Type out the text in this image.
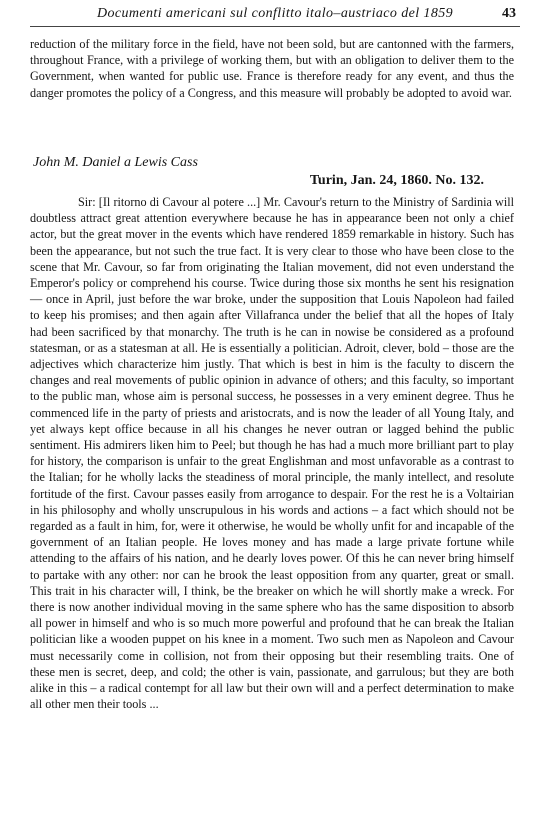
Documenti americani sul conflitto italo–austriaco del 1859	43

reduction of the military force in the field, have not been sold, but are cantonned with the farmers, throughout France, with a privilege of working them, but with an obligation to deliver them to the Government, when wanted for public use. France is therefore ready for any event, and thus the danger promotes the policy of a Congress, and this measure will probably be adopted to avoid war.

John M. Daniel a Lewis Cass
Turin, Jan. 24, 1860. No. 132.

Sir: [Il ritorno di Cavour al potere ...] Mr. Cavour's return to the Ministry of Sardinia will doubtless attract great attention everywhere because he has in appearance been not only a chief actor, but the great mover in the events which have rendered 1859 remarkable in history. Such has been the appearance, but not such the true fact. It is very clear to those who have been close to the scene that Mr. Cavour, so far from originating the Italian movement, did not even understand the Emperor's policy or comprehend his course. Twice during those six months he sent his resignation — once in April, just before the war broke, under the supposition that Louis Napoleon had failed to keep his promises; and then again after Villafranca under the belief that all the hopes of Italy had been sacrificed by that monarchy. The truth is he can in nowise be considered as a profound statesman, or as a statesman at all. He is essentially a politician. Adroit, clever, bold – those are the adjectives which characterize him justly. That which is best in him is the faculty to discern the changes and real movements of public opinion in advance of others; and this faculty, so important to the public man, whose aim is personal success, he possesses in a very eminent degree. Thus he commenced life in the party of priests and aristocrats, and is now the leader of all Young Italy, and yet always kept office because in all his changes he never outran or lagged behind the public sentiment. His admirers liken him to Peel; but though he has had a much more brilliant part to play for history, the comparison is unfair to the great Englishman and most unfavorable as a contrast to the Italian; for he wholly lacks the steadiness of moral principle, the manly intellect, and resolute fortitude of the first. Cavour passes easily from arrogance to despair. For the rest he is a Voltairian in his philosophy and wholly unscrupulous in his words and actions – a fact which should not be regarded as a fault in him, for, were it otherwise, he would be wholly unfit for and incapable of the government of an Italian people. He loves money and has made a large private fortune while attending to the affairs of his nation, and he dearly loves power. Of this he can never bring himself to partake with any other: nor can he brook the least opposition from any quarter, great or small. This trait in his character will, I think, be the breaker on which he will shortly make a wreck. For there is now another individual moving in the same sphere who has the same disposition to absorb all power in himself and who is so much more powerful and profound that he can break the Italian politician like a wooden puppet on his knee in a moment. Two such men as Napoleon and Cavour must necessarily come in collision, not from their opposing but their resembling traits. One of these men is secret, deep, and cold; the other is vain, passionate, and garrulous; but they are both alike in this – a radical contempt for all law but their own will and a perfect determination to make all other men their tools ...
